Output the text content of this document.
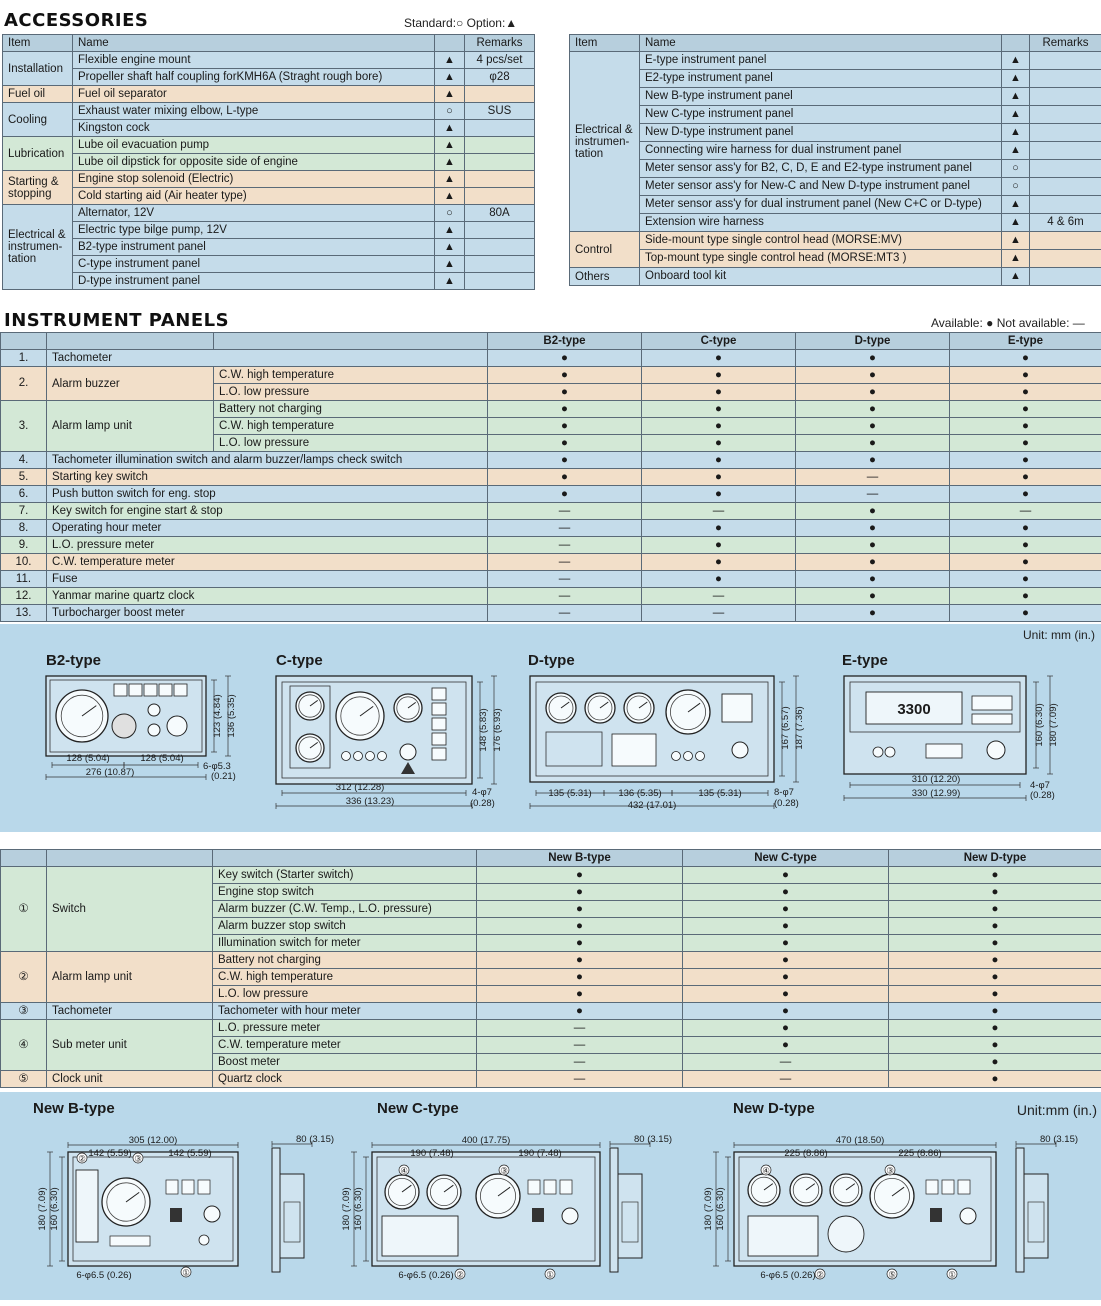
ACCESSORIES	Standard:○ Option:▲
Item	Name		Remarks
Installation	Flexible engine mount	▲	4 pcs/set
	Propeller shaft half coupling forKMH6A (Straght rough bore)	▲	φ28
Fuel oil	Fuel oil separator	▲	
Cooling	Exhaust water mixing elbow, L-type	○	SUS
	Kingston cock	▲	
Lubrication	Lube oil evacuation pump	▲	
	Lube oil dipstick for opposite side of engine	▲	
Starting & stopping	Engine stop solenoid (Electric)	▲	
	Cold starting aid (Air heater type)	▲	
Electrical & instrumen-tation	Alternator, 12V	○	80A
	Electric type bilge pump, 12V	▲	
	B2-type instrument panel	▲	
	C-type instrument panel	▲	
	D-type instrument panel	▲	
Item	Name		Remarks
Electrical & instrumen-tation	E-type instrument panel	▲	
	E2-type instrument panel	▲	
	New B-type instrument panel	▲	
	New C-type instrument panel	▲	
	New D-type instrument panel	▲	
	Connecting wire harness for dual instrument panel	▲	
	Meter sensor ass'y for B2, C, D, E and E2-type instrument panel	○	
	Meter sensor ass'y for New-C and New D-type instrument panel	○	
	Meter sensor ass'y for dual instrument panel (New C+C or D-type)	▲	
	Extension wire harness	▲	4 & 6m
Control	Side-mount type single control head (MORSE:MV)	▲	
	Top-mount type single control head (MORSE:MT3 )	▲	
Others	Onboard tool kit	▲	
INSTRUMENT PANELS	Available: ● Not available: —
			B2-type	C-type	D-type	E-type
1.	Tachometer		●	●	●	●
2.	Alarm buzzer	C.W. high temperature	●	●	●	●
		L.O. low pressure	●	●	●	●
3.	Alarm lamp unit	Battery not charging	●	●	●	●
		C.W. high temperature	●	●	●	●
		L.O. low pressure	●	●	●	●
4.	Tachometer illumination switch and alarm buzzer/lamps check switch		●	●	●	●
5.	Starting key switch		●	●	—	●
6.	Push button switch for eng. stop		●	●	—	●
7.	Key switch for engine start & stop		—	—	●	—
8.	Operating hour meter		—	●	●	●
9.	L.O. pressure meter		—	●	●	●
10.	C.W. temperature meter		—	●	●	●
11.	Fuse		—	●	●	●
12.	Yanmar marine quartz clock		—	—	●	●
13.	Turbocharger boost meter		—	—	●	●
Unit: mm (in.)
B2-type
128 (5.04)	128 (5.04)
276 (10.87)
123 (4.84) 136 (5.35)
6-φ5.3
(0.21)
C-type
312 (12.28)
336 (13.23)
148 (5.83) 176 (6.93)
4-φ7
(0.28)
D-type
135 (5.31)	136 (5.35)	135 (5.31)
432 (17.01)
167 (6.57) 187 (7.36)
8-φ7
(0.28)
E-type
3300
310 (12.20)
330 (12.99)
160 (6.30) 180 (7.09)
4-φ7
(0.28)
			New B-type	New C-type	New D-type
①	Switch	Key switch (Starter switch)	●	●	●
		Engine stop switch	●	●	●
		Alarm buzzer (C.W. Temp., L.O. pressure)	●	●	●
		Alarm buzzer stop switch	●	●	●
		Illumination switch for meter	●	●	●
②	Alarm lamp unit	Battery not charging	●	●	●
		C.W. high temperature	●	●	●
		L.O. low pressure	●	●	●
③	Tachometer	Tachometer with hour meter	●	●	●
④	Sub meter unit	L.O. pressure meter	—	●	●
		C.W. temperature meter	—	●	●
		Boost meter	—	—	●
⑤	Clock unit	Quartz clock	—	—	●
Unit:mm (in.)
New B-type
305 (12.00)
142 (5.59)	142 (5.59)
②	③
①
180 (7.09) 160 (6.30)
6-φ6.5 (0.26)
80 (3.15)
New C-type
400 (17.75)
190 (7.48)	190 (7.48)
④	③
②	①
180 (7.09) 160 (6.30)
6-φ6.5 (0.26)
80 (3.15)
New D-type
470 (18.50)
225 (8.86)	225 (8.86)
④	③
②	⑤	①
180 (7.09) 160 (6.30)
6-φ6.5 (0.26)
80 (3.15)
